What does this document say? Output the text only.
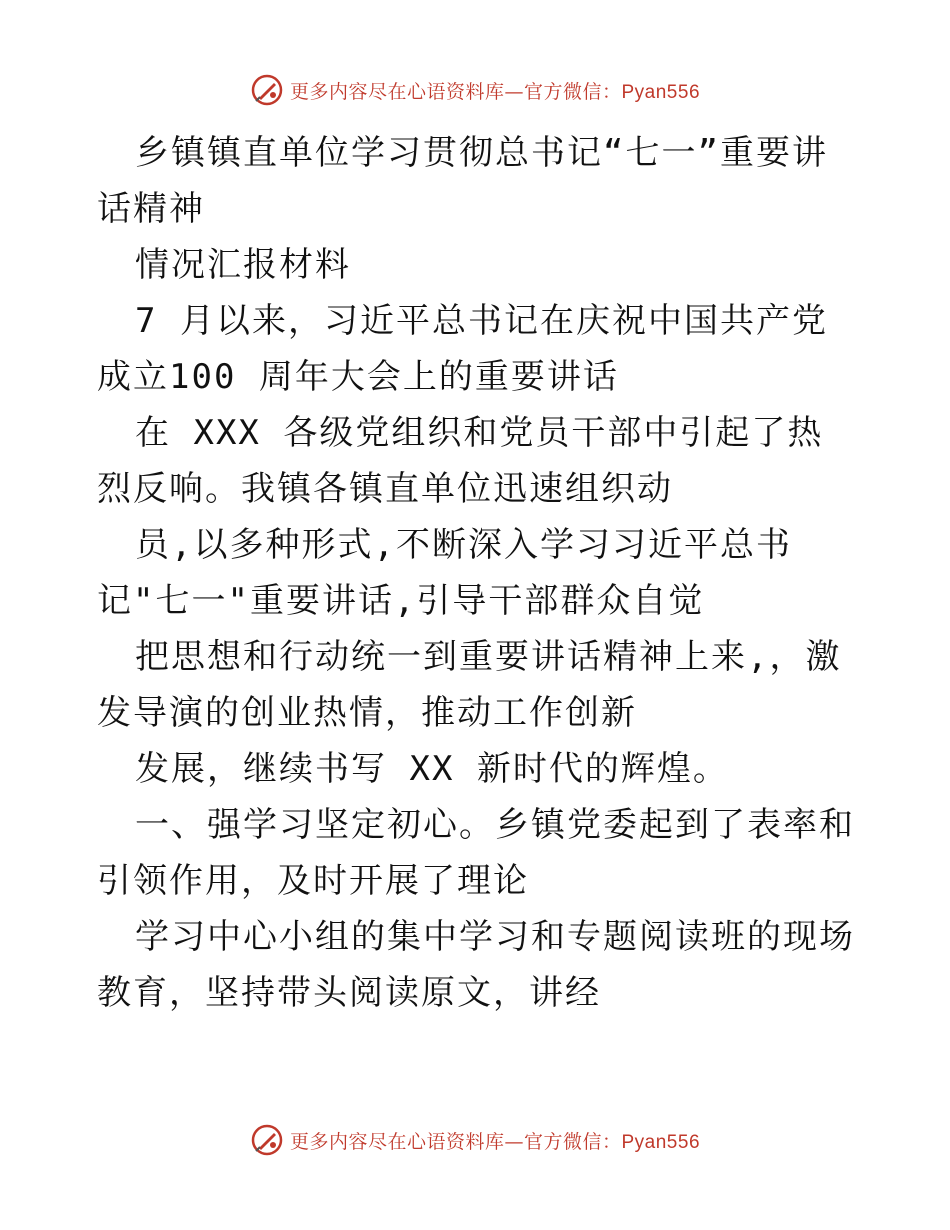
更多内容尽在心语资料库—官方微信：Pyan556

乡镇镇直单位学习贯彻总书记“七一”重要讲话精神

情况汇报材料

7 月以来，习近平总书记在庆祝中国共产党成立100 周年大会上的重要讲话

在 XXX 各级党组织和党员干部中引起了热烈反响。我镇各镇直单位迅速组织动

员,以多种形式,不断深入学习习近平总书记"七一"重要讲话,引导干部群众自觉

把思想和行动统一到重要讲话精神上来,，激发导演的创业热情，推动工作创新

发展，继续书写 XX 新时代的辉煌。

一、强学习坚定初心。乡镇党委起到了表率和引领作用，及时开展了理论

学习中心小组的集中学习和专题阅读班的现场教育，坚持带头阅读原文，讲经

更多内容尽在心语资料库—官方微信：Pyan556
